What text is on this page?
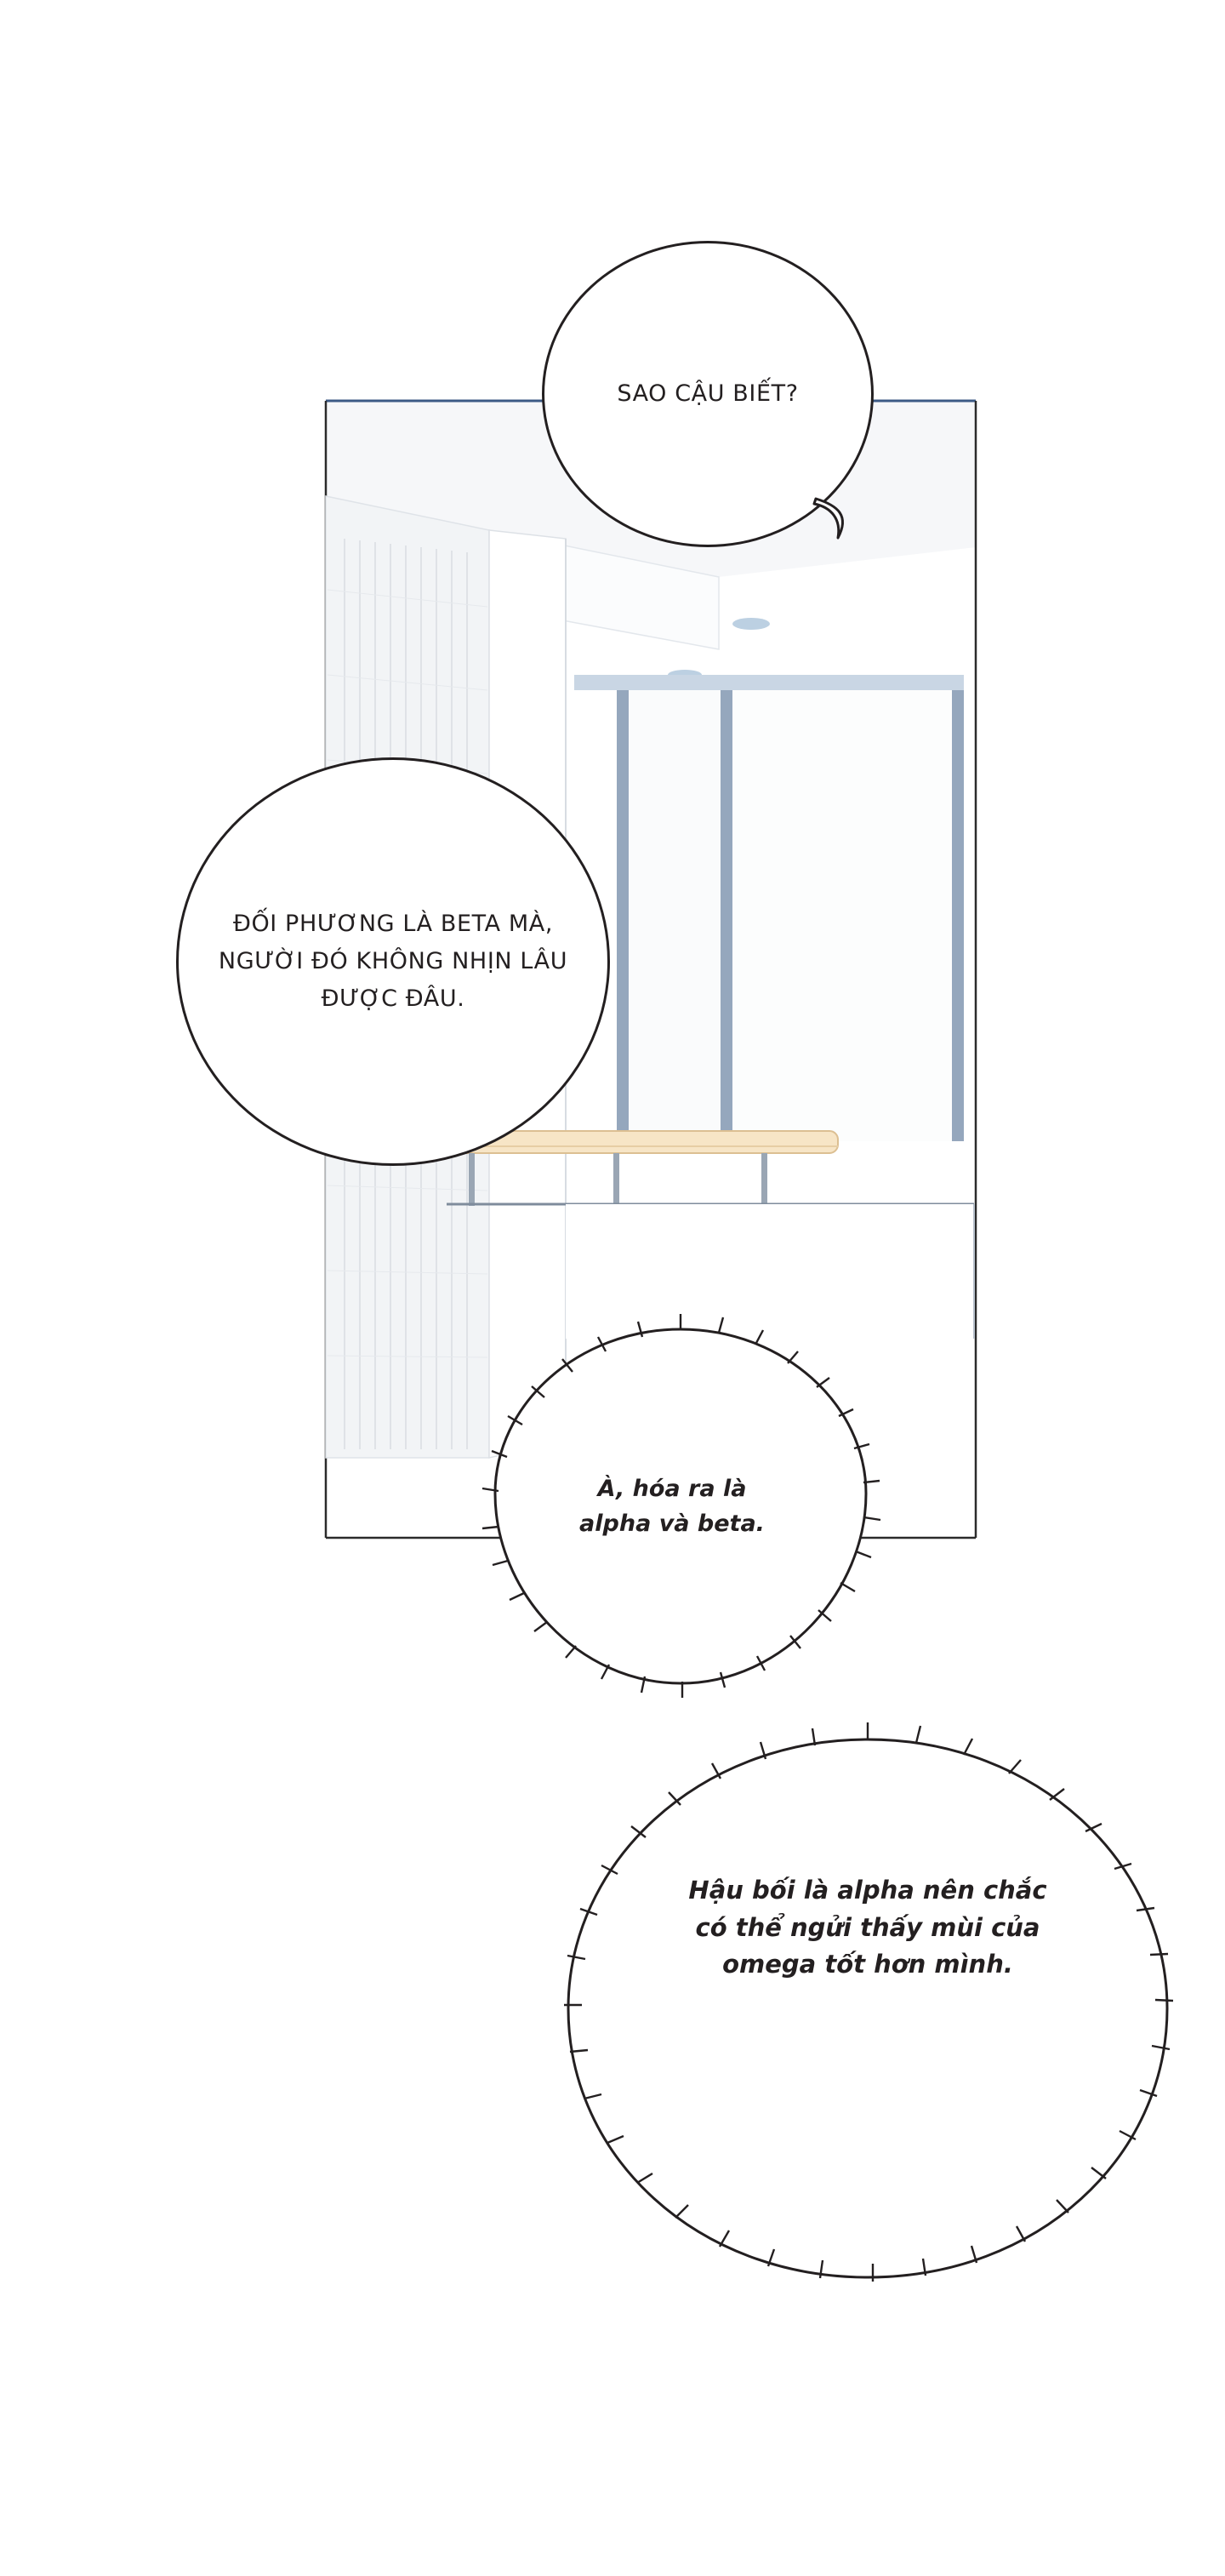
SAO CẬU BIẾT?
ĐỐI PHƯƠNG LÀ BETA MÀ, NGƯỜI ĐÓ KHÔNG NHỊN LÂU ĐƯỢC ĐÂU.
À, hóa ra là alpha và beta.
Hậu bối là alpha nên chắc có thể ngửi thấy mùi của omega tốt hơn mình.
